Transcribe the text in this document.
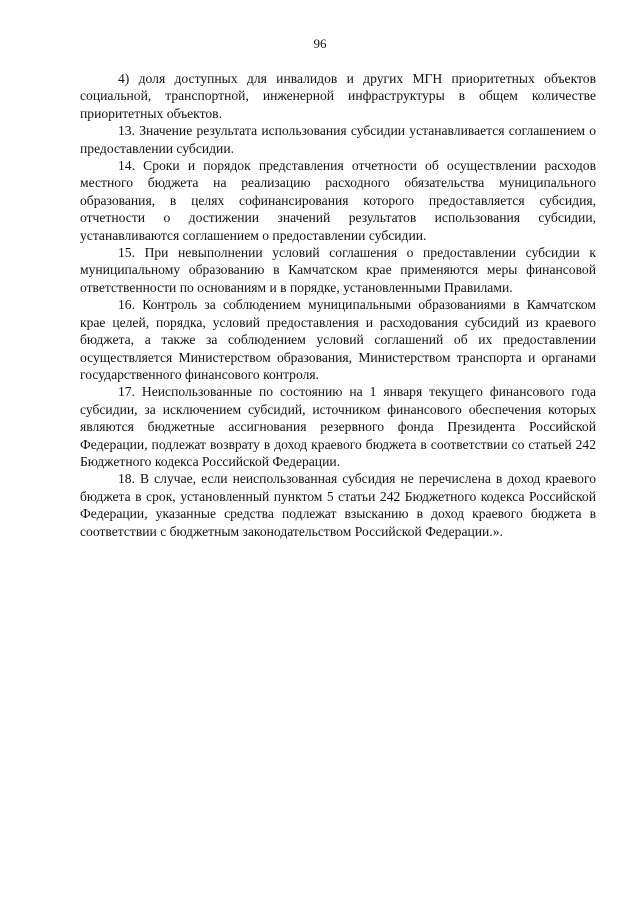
96

4) доля доступных для инвалидов и других МГН приоритетных объектов социальной, транспортной, инженерной инфраструктуры в общем количестве приоритетных объектов.

13. Значение результата использования субсидии устанавливается соглашением о предоставлении субсидии.

14. Сроки и порядок представления отчетности об осуществлении расходов местного бюджета на реализацию расходного обязательства муниципального образования, в целях софинансирования которого предоставляется субсидия, отчетности о достижении значений результатов использования субсидии, устанавливаются соглашением о предоставлении субсидии.

15. При невыполнении условий соглашения о предоставлении субсидии к муниципальному образованию в Камчатском крае применяются меры финансовой ответственности по основаниям и в порядке, установленными Правилами.

16. Контроль за соблюдением муниципальными образованиями в Камчатском крае целей, порядка, условий предоставления и расходования субсидий из краевого бюджета, а также за соблюдением условий соглашений об их предоставлении осуществляется Министерством образования, Министерством транспорта и органами государственного финансового контроля.

17. Неиспользованные по состоянию на 1 января текущего финансового года субсидии, за исключением субсидий, источником финансового обеспечения которых являются бюджетные ассигнования резервного фонда Президента Российской Федерации, подлежат возврату в доход краевого бюджета в соответствии со статьей 242 Бюджетного кодекса Российской Федерации.

18. В случае, если неиспользованная субсидия не перечислена в доход краевого бюджета в срок, установленный пунктом 5 статьи 242 Бюджетного кодекса Российской Федерации, указанные средства подлежат взысканию в доход краевого бюджета в соответствии с бюджетным законодательством Российской Федерации.».
